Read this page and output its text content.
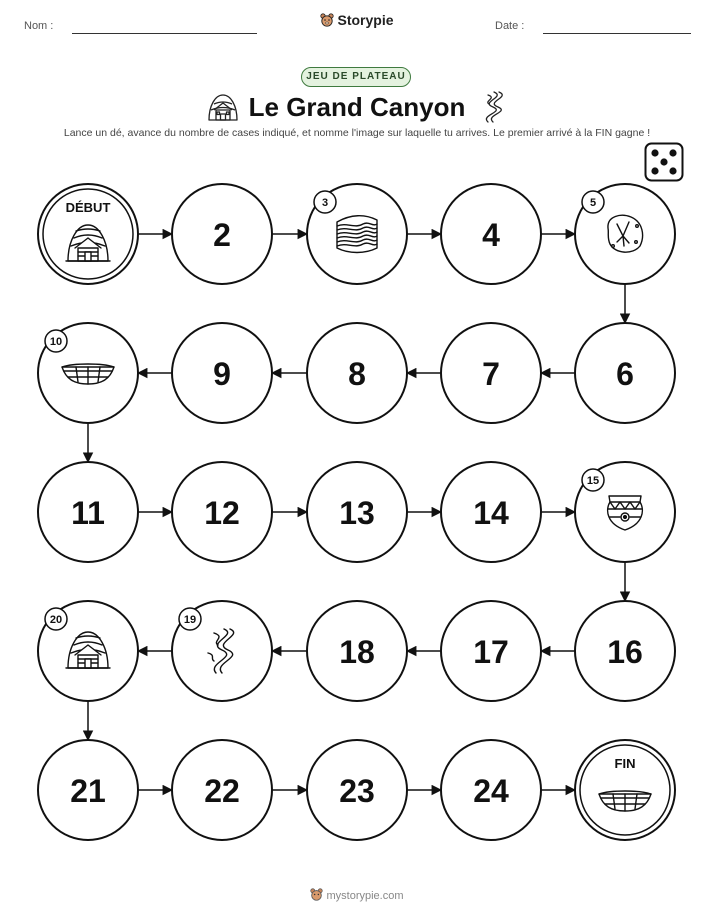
Nom :	Storypie	Date :
JEU DE PLATEAU
Le Grand Canyon
Lance un dé, avance du nombre de cases indiqué, et nomme l'image sur laquelle tu arrives. Le premier arrivé à la FIN gagne !
DÉBUT
2
3
4
5
10
9	8	7	6
11	12	13	14
15
20	19
18	17	16
21	22	23	24
FIN
mystorypie.com
